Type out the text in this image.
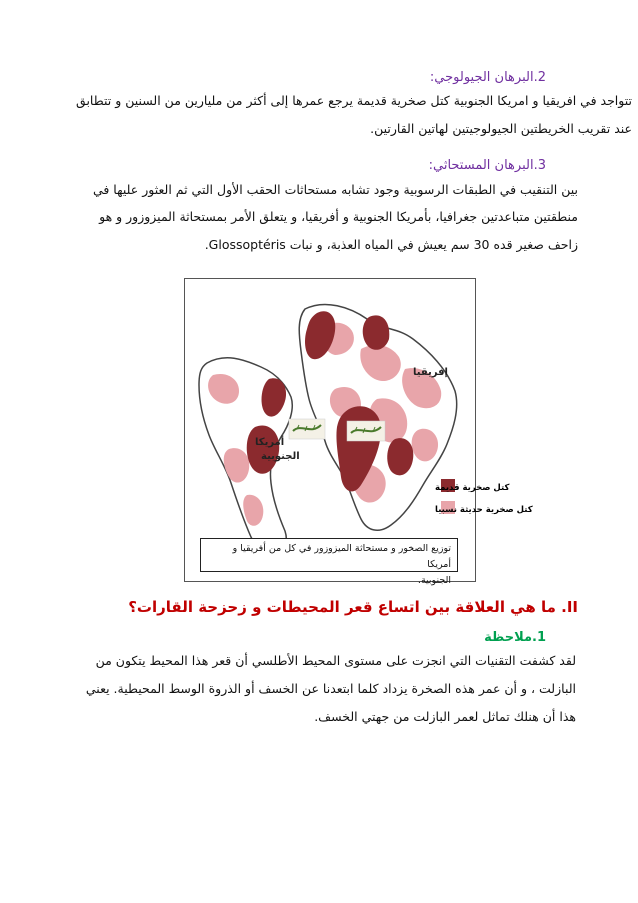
2.البرهان الجيولوجي:
تتواجد في افريقيا و امريكا الجنوبية كتل صخرية قديمة يرجع عمرها إلى أكثر من مليارين من السنين و تتطابق
عند تقريب الخريطتين الجيولوجيتين لهاتين القارتين.
3.البرهان المستحاثي:
بين التنقيب في الطبقات الرسوبية وجود تشابه مستحاثات الحقب الأول التي ثم العثور عليها في
منطقتين متباعدتين جغرافيا، بأمريكا الجنوبية و أفريقيا، و يتعلق الأمر بمستحاثة الميزوزور و هو
زاحف صغير قده 30 سم يعيش في المياه العذبة، و نبات Glossoptéris.
إفريقيا
أمريكا
الجنوبية
كتل صخرية قديمة
كتل صخرية حديثة نسبيا
توزيع الصخور و مستحاثة الميزوزور في كل من أفريقيا و أمريكا
الجنوبية.
II. ما هي العلاقة بين اتساع قعر المحيطات و زحزحة القارات؟
1.ملاحظة
لقد كشفت التقنيات التي انجزت على مستوى المحيط الأطلسي أن قعر هذا المحيط يتكون من
البازلت ، و أن عمر هذه الصخرة يزداد كلما ابتعدنا عن الخسف أو الذروة الوسط المحيطية. يعني
هذا أن هنلك تماثل لعمر البازلت من جهتي الخسف.
